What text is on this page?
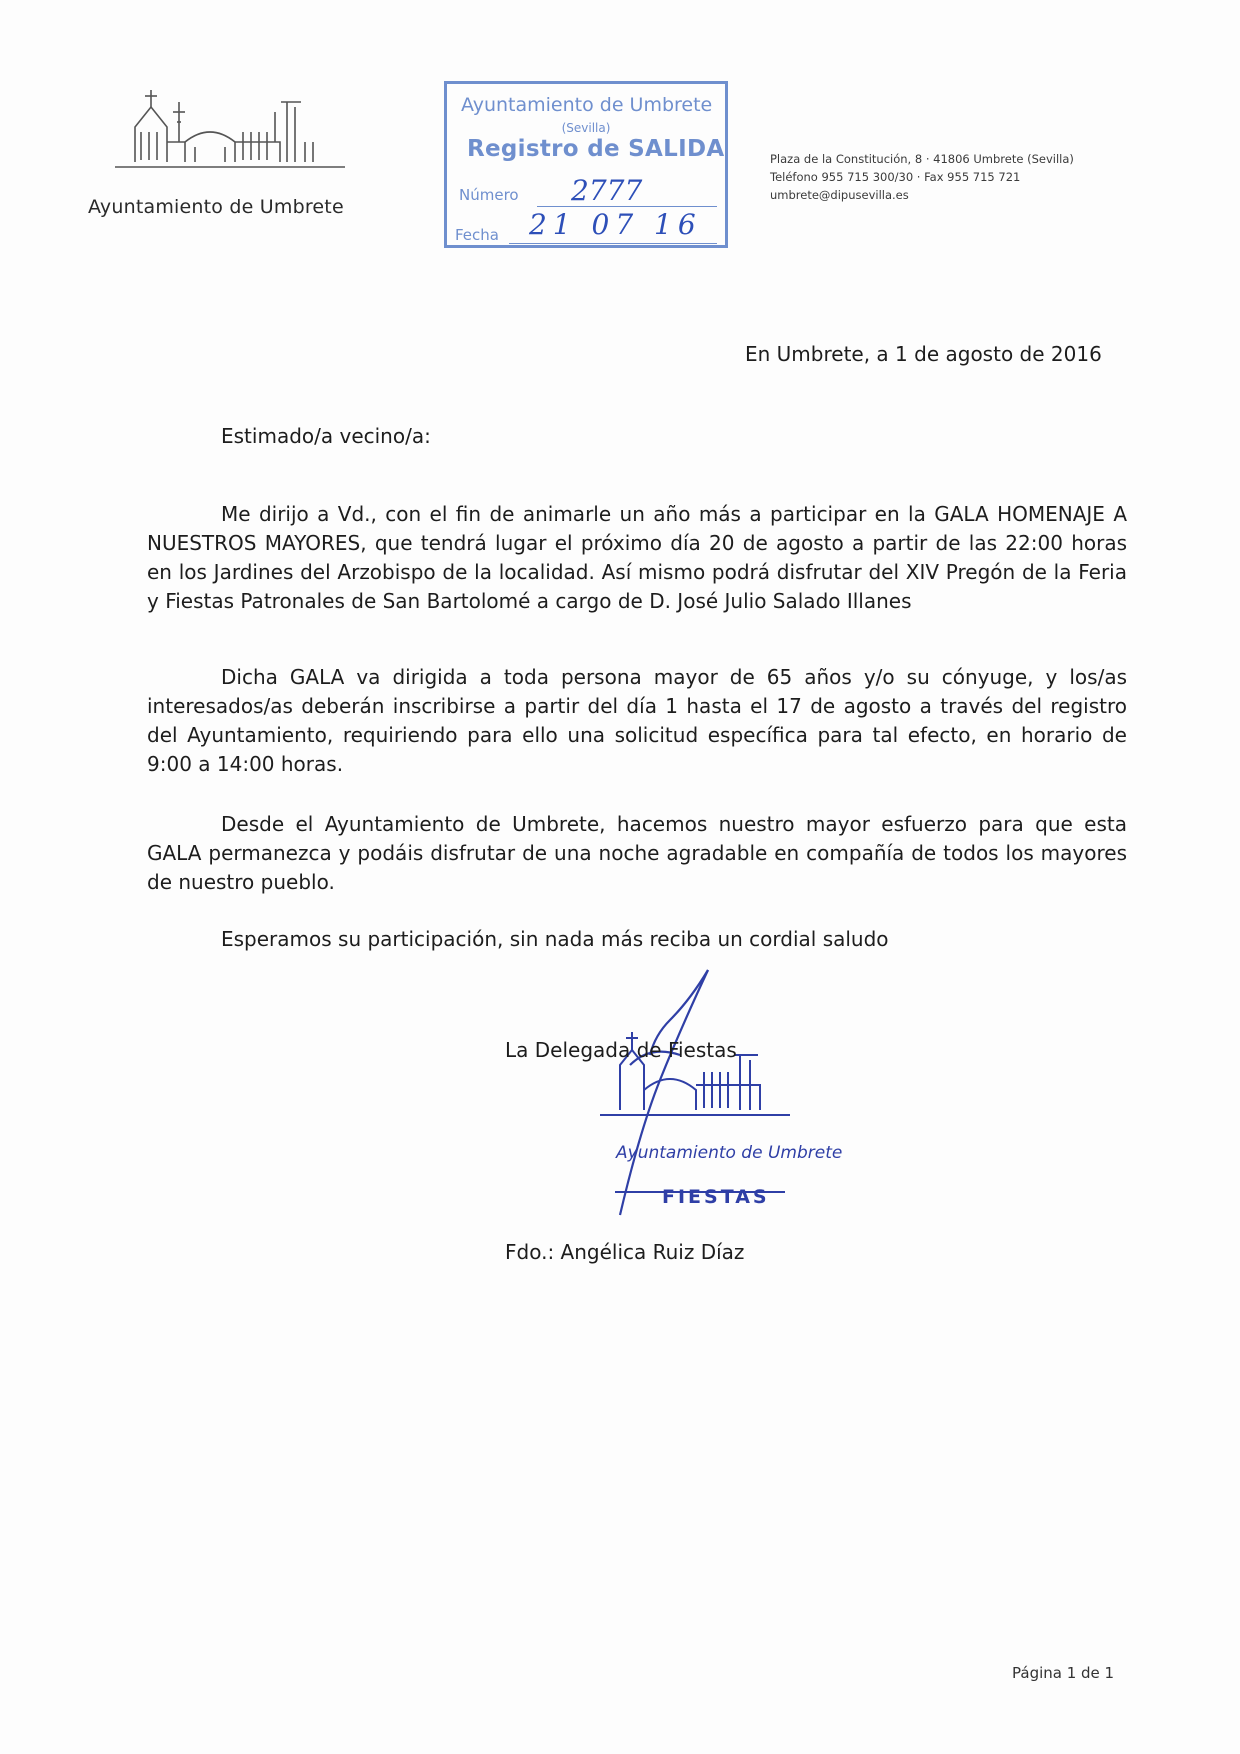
Ayuntamiento de Umbrete
Ayuntamiento de Umbrete
(Sevilla)
Registro de SALIDA
Número 2777
Fecha 21 07 16
Plaza de la Constitución, 8 · 41806 Umbrete (Sevilla)
Teléfono 955 715 300/30 · Fax 955 715 721
umbrete@dipusevilla.es
En Umbrete, a 1 de agosto de 2016
Estimado/a vecino/a:
Me dirijo a Vd., con el fin de animarle un año más a participar en la GALA HOMENAJE A NUESTROS MAYORES, que tendrá lugar el próximo día 20 de agosto a partir de las 22:00 horas en los Jardines del Arzobispo de la localidad. Así mismo podrá disfrutar del XIV Pregón de la Feria y Fiestas Patronales de San Bartolomé a cargo de D. José Julio Salado Illanes
Dicha GALA va dirigida a toda persona mayor de 65 años y/o su cónyuge, y los/as interesados/as deberán inscribirse a partir del día 1 hasta el 17 de agosto a través del registro del Ayuntamiento, requiriendo para ello una solicitud específica para tal efecto, en horario de 9:00 a 14:00 horas.
Desde el Ayuntamiento de Umbrete, hacemos nuestro mayor esfuerzo para que esta GALA permanezca y podáis disfrutar de una noche agradable en compañía de todos los mayores de nuestro pueblo.
Esperamos su participación, sin nada más reciba un cordial saludo
La Delegada de Fiestas
Ayuntamiento de Umbrete
FIESTAS
Fdo.: Angélica Ruiz Díaz
Página 1 de 1
